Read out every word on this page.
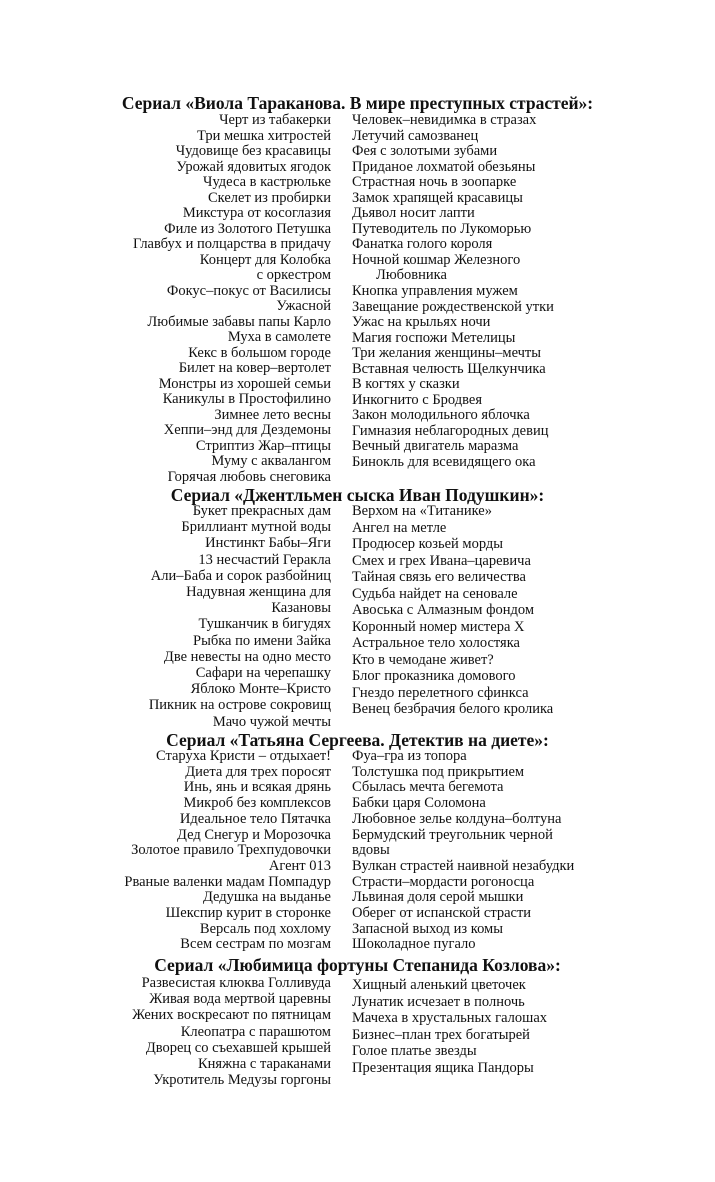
Сериал «Виола Тараканова. В мире преступных страстей»:
Черт из табакерки
Три мешка хитростей
Чудовище без красавицы
Урожай ядовитых ягодок
Чудеса в кастрюльке
Скелет из пробирки
Микстура от косоглазия
Филе из Золотого Петушка
Главбух и полцарства в придачу
Концерт для Колобка
с оркестром
Фокус–покус от Василисы
Ужасной
Любимые забавы папы Карло
Муха в самолете
Кекс в большом городе
Билет на ковер–вертолет
Монстры из хорошей семьи
Каникулы в Простофилино
Зимнее лето весны
Хеппи–энд для Дездемоны
Стриптиз Жар–птицы
Муму с аквалангом
Горячая любовь снеговика
Человек–невидимка в стразах
Летучий самозванец
Фея с золотыми зубами
Приданое лохматой обезьяны
Страстная ночь в зоопарке
Замок храпящей красавицы
Дьявол носит лапти
Путеводитель по Лукоморью
Фанатка голого короля
Ночной кошмар Железного
Любовника
Кнопка управления мужем
Завещание рождественской утки
Ужас на крыльях ночи
Магия госпожи Метелицы
Три желания женщины–мечты
Вставная челюсть Щелкунчика
В когтях у сказки
Инкогнито с Бродвея
Закон молодильного яблочка
Гимназия неблагородных девиц
Вечный двигатель маразма
Бинокль для всевидящего ока
Сериал «Джентльмен сыска Иван Подушкин»:
Букет прекрасных дам
Бриллиант мутной воды
Инстинкт Бабы–Яги
13 несчастий Геракла
Али–Баба и сорок разбойниц
Надувная женщина для
Казановы
Тушканчик в бигудях
Рыбка по имени Зайка
Две невесты на одно место
Сафари на черепашку
Яблоко Монте–Кристо
Пикник на острове сокровищ
Мачо чужой мечты
Верхом на «Титанике»
Ангел на метле
Продюсер козьей морды
Смех и грех Ивана–царевича
Тайная связь его величества
Судьба найдет на сеновале
Авоська с Алмазным фондом
Коронный номер мистера Х
Астральное тело холостяка
Кто в чемодане живет?
Блог проказника домового
Гнездо перелетного сфинкса
Венец безбрачия белого кролика
Сериал «Татьяна Сергеева. Детектив на диете»:
Старуха Кристи – отдыхает!
Диета для трех поросят
Инь, янь и всякая дрянь
Микроб без комплексов
Идеальное тело Пятачка
Дед Снегур и Морозочка
Золотое правило Трехпудовочки
Агент 013
Рваные валенки мадам Помпадур
Дедушка на выданье
Шекспир курит в сторонке
Версаль под хохлому
Всем сестрам по мозгам
Фуа–гра из топора
Толстушка под прикрытием
Сбылась мечта бегемота
Бабки царя Соломона
Любовное зелье колдуна–болтуна
Бермудский треугольник черной
вдовы
Вулкан страстей наивной незабудки
Страсти–мордасти рогоносца
Львиная доля серой мышки
Оберег от испанской страсти
Запасной выход из комы
Шоколадное пугало
Сериал «Любимица фортуны Степанида Козлова»:
Развесистая клюква Голливуда
Живая вода мертвой царевны
Жених воскресают по пятницам
Клеопатра с парашютом
Дворец со съехавшей крышей
Княжна с тараканами
Укротитель Медузы горгоны
Хищный аленький цветочек
Лунатик исчезает в полночь
Мачеха в хрустальных галошах
Бизнес–план трех богатырей
Голое платье звезды
Презентация ящика Пандоры
